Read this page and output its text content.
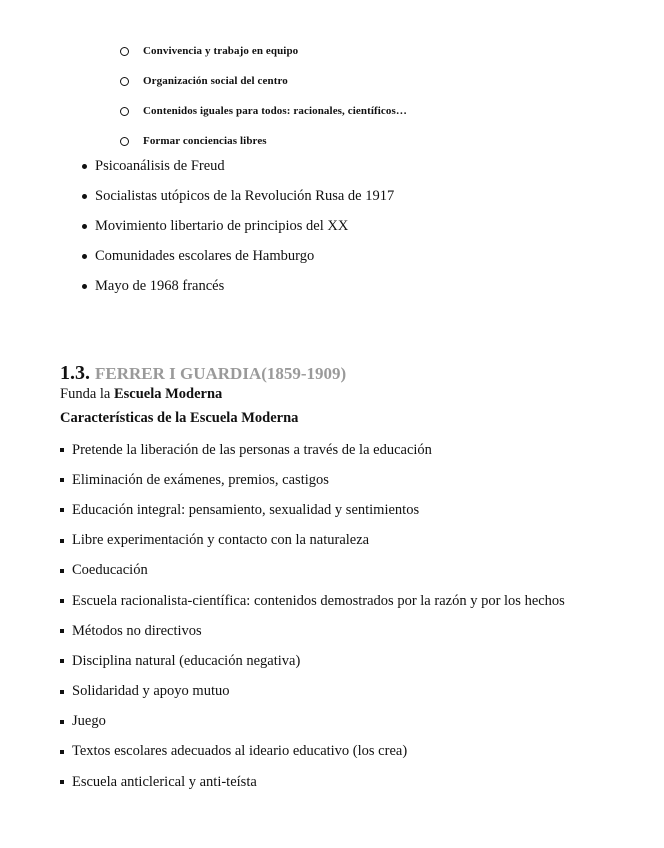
Convivencia y trabajo en equipo
Organización social del centro
Contenidos iguales para todos: racionales, científicos…
Formar conciencias libres
Psicoanálisis de Freud
Socialistas utópicos de la Revolución Rusa de 1917
Movimiento libertario de principios del XX
Comunidades escolares de Hamburgo
Mayo de 1968 francés
1.3. FERRER I GUARDIA(1859-1909)
Funda la Escuela Moderna
Características de la Escuela Moderna
Pretende la liberación de las personas a través de la educación
Eliminación de exámenes, premios, castigos
Educación integral: pensamiento, sexualidad y sentimientos
Libre experimentación y contacto con la naturaleza
Coeducación
Escuela racionalista-científica: contenidos demostrados por la razón y por los hechos
Métodos no directivos
Disciplina natural (educación negativa)
Solidaridad y apoyo mutuo
Juego
Textos escolares adecuados al ideario educativo (los crea)
Escuela anticlerical y anti-teísta
